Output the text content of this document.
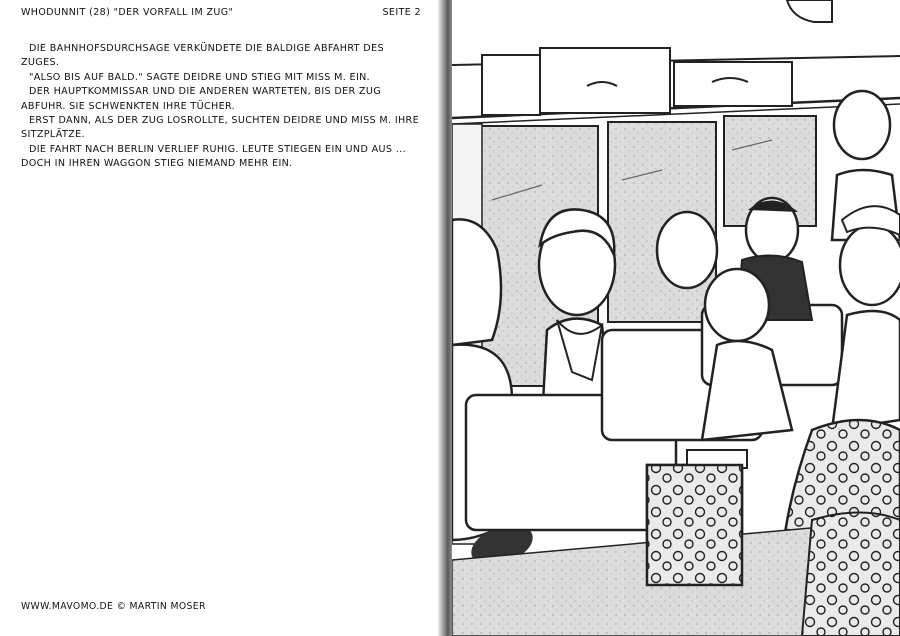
WHODUNNIT (28) "DER VORFALL IM ZUG"	SEITE 2

DIE BAHNHOFSDURCHSAGE VERKÜNDETE DIE BALDIGE ABFAHRT DES ZUGES.

"ALSO BIS AUF BALD." SAGTE DEIDRE UND STIEG MIT MISS M. EIN.

DER HAUPTKOMMISSAR UND DIE ANDEREN WARTETEN, BIS DER ZUG ABFUHR. SIE SCHWENKTEN IHRE TÜCHER.

ERST DANN, ALS DER ZUG LOSROLLTE, SUCHTEN DEIDRE UND MISS M. IHRE SITZPLÄTZE.

DIE FAHRT NACH BERLIN VERLIEF RUHIG. LEUTE STIEGEN EIN UND AUS ... DOCH IN IHREN WAGGON STIEG NIEMAND MEHR EIN.

WWW.MAVOMO.DE © MARTIN MOSER
